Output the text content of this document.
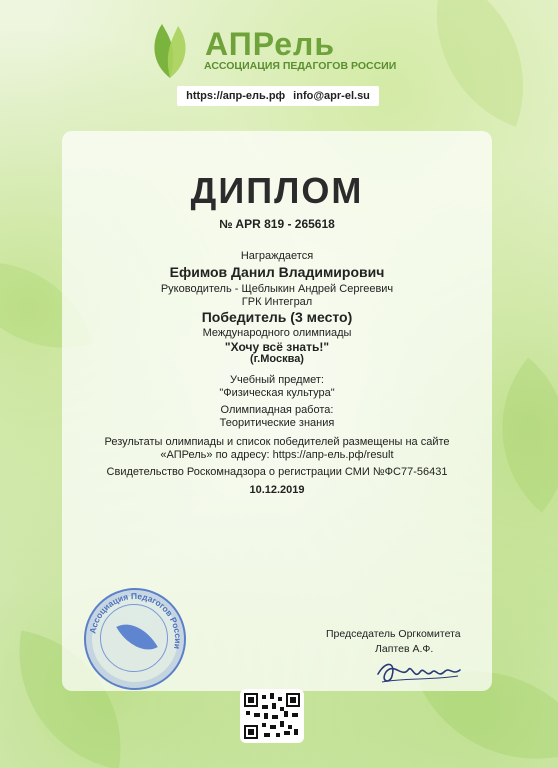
АПРель
АССОЦИАЦИЯ ПЕДАГОГОВ РОССИИ
https://апр-ель.рф info@apr-el.su
ДИПЛОМ
№ APR 819 - 265618
Награждается
Ефимов Данил Владимирович
Руководитель - Щеблыкин Андрей Сергеевич
ГРК Интеграл
Победитель (3 место)
Международного олимпиады
"Хочу всё знать!"
(г.Москва)
Учебный предмет:
"Физическая культура"
Олимпиадная работа:
Теоритические знания
Результаты олимпиады и список победителей размещены на сайте
«АПРель» по адресу: https://апр-ель.рф/result
Свидетельство Роскомнадзора о регистрации СМИ №ФС77-56431
10.12.2019
Ассоциация Педагогов России
Председатель Оргкомитета
Лаптев А.Ф.
